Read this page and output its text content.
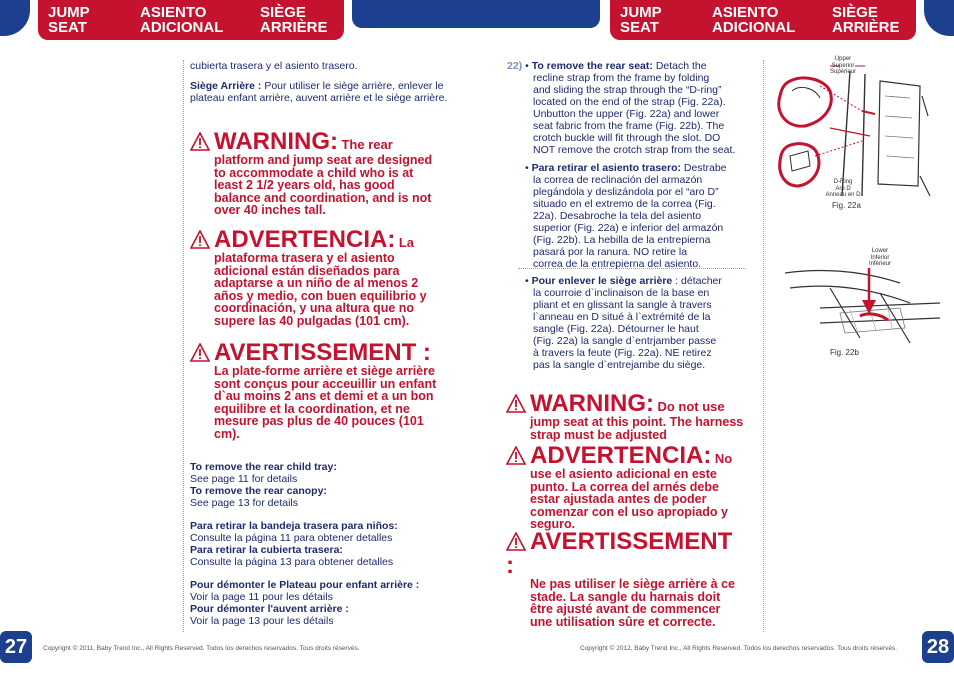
JUMP
SEAT
ASIENTO
ADICIONAL
SIÈGE
ARRIÈRE
JUMP
SEAT
ASIENTO
ADICIONAL
SIÈGE
ARRIÈRE
cubierta trasera y el asiento trasero.
Siège Arrière : Pour utiliser le siège arrière, enlever le plateau enfant arrière, auvent arrière et le siège arrière.
WARNING: The rear
platform and jump seat are designed to accommodate a child who is at least 2 1/2 years old, has good balance and coordination, and is not over 40 inches tall.
ADVERTENCIA: La
plataforma trasera y el asiento adicional están diseñados para adaptarse a un niño de al menos 2 años y medio, con buen equilibrio y coordinación, y una altura que no supere las 40 pulgadas (101 cm).
AVERTISSEMENT :
La plate-forme arrière et siège arrière sont conçus pour acceuillir un enfant d`au moins 2 ans et demi et a un bon equilibre et la coordination, et ne mesure pas plus de 40 pouces (101 cm).
To remove the rear child tray:
See page 11 for details
To remove the rear canopy:
See page 13 for details
Para retirar la bandeja trasera para niños:
Consulte la página 11 para obtener detalles
Para retirar la cubierta trasera:
Consulte la página 13 para obtener detalles
Pour démonter le Plateau pour enfant arrière :
Voir la page 11 pour les détails
Pour démonter l'auvent arrière :
Voir la page 13 pour les détails
27	Copyright © 2011, Baby Trend Inc., All Rights Reserved. Todos los derechos reservados. Tous droits réservés.	Copyright © 2012, Baby Trend Inc., All Rights Reserved. Todos los derechos reservados. Tous droits réservés. 28
22) • To remove the rear seat: Detach the
recline strap from the frame by folding
and sliding the strap through the “D-ring”
located on the end of the strap (Fig. 22a).
Unbutton the upper (Fig. 22a) and lower
seat fabric from the frame (Fig. 22b). The
crotch buckle will fit through the slot. DO
NOT remove the crotch strap from the seat.
• Para retirar el asiento trasero: Destrabe
la correa de reclinación del armazón
plegándola y deslizándola por el “aro D”
situado en el extremo de la correa (Fig.
22a). Desabroche la tela del asiento
superior (Fig. 22a) e inferior del armazón
(Fig. 22b). La hebilla de la entrepierna
pasará por la ranura. NO retire la
correa de la entrepierna del asiento.
• Pour enlever le siège arrière : détacher
la courroie d`inclinaison de la base en
pliant et en glissant la sangle à travers
l`anneau en D situé à l`extrémité de la
sangle (Fig. 22a). Détourner le haut
(Fig. 22a) la sangle d`entrjamber passe
à travers la feute (Fig. 22a). NE retirez
pas la sangle d`entrejambe du siège.
WARNING: Do not use
jump seat at this point. The harness strap must be adjusted
ADVERTENCIA: No
use el asiento adicional en este punto. La correa del arnés debe estar ajustada antes de poder comenzar con el uso apropiado y seguro.
AVERTISSEMENT :
Ne pas utiliser le siège arrière à ce stade. La sangle du harnais doit être ajusté avant de commencer une utilisation sûre et correcte.
Upper
Superior
Supérieur
D-Ring
Aro D
Anneau en D
Fig. 22a
Lower
Inferior
Inférieur
Fig. 22b
